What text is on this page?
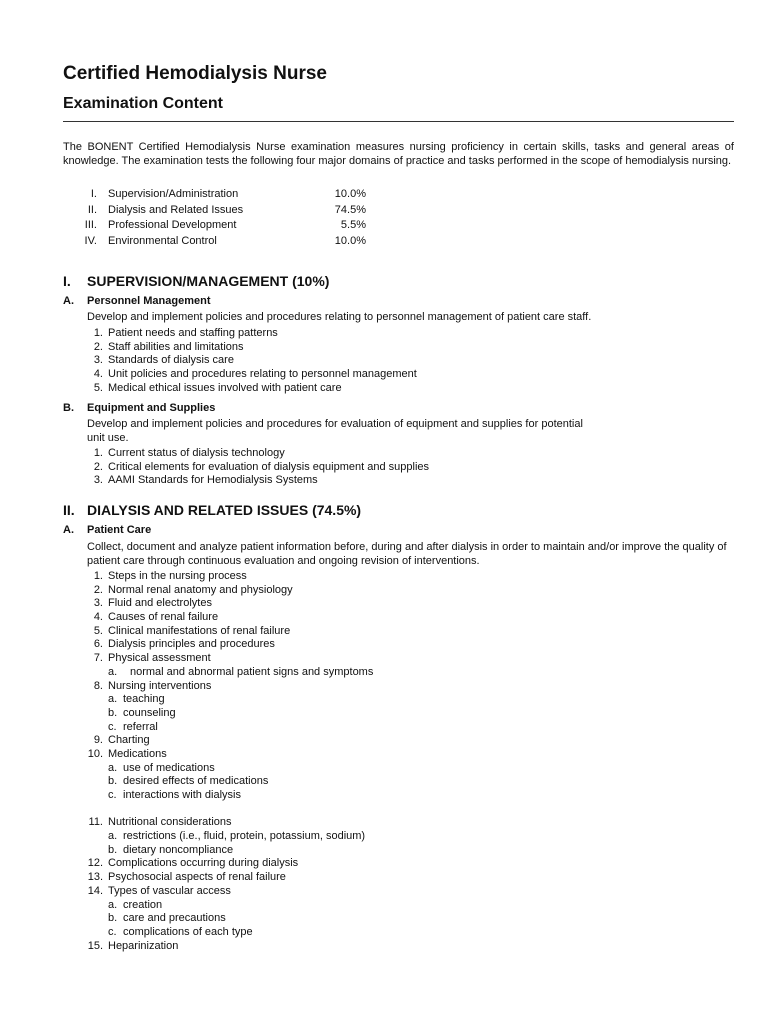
Certified Hemodialysis Nurse
Examination Content

The BONENT Certified Hemodialysis Nurse examination measures nursing proficiency in certain skills, tasks and general areas of knowledge. The examination tests the following four major domains of practice and tasks performed in the scope of hemodialysis nursing.

I. Supervision/Administration	10.0%
II. Dialysis and Related Issues	74.5%
III. Professional Development	5.5%
IV. Environmental Control	10.0%
I. SUPERVISION/MANAGEMENT (10%)
A. Personnel Management

Develop and implement policies and procedures relating to personnel management of patient care staff.

1. Patient needs and staffing patterns
2. Staff abilities and limitations
3. Standards of dialysis care
4. Unit policies and procedures relating to personnel management
5. Medical ethical issues involved with patient care
B. Equipment and Supplies

Develop and implement policies and procedures for evaluation of equipment and supplies for potential
unit use.

1. Current status of dialysis technology
2. Critical elements for evaluation of dialysis equipment and supplies
3. AAMI Standards for Hemodialysis Systems
II. DIALYSIS AND RELATED ISSUES (74.5%)
A. Patient Care

Collect, document and analyze patient information before, during and after dialysis in order to maintain and/or improve the quality of patient care through continuous evaluation and ongoing revision of interventions.

1. Steps in the nursing process
2. Normal renal anatomy and physiology
3. Fluid and electrolytes
4. Causes of renal failure
5. Clinical manifestations of renal failure
6. Dialysis principles and procedures
7. Physical assessment
a. normal and abnormal patient signs and symptoms
8. Nursing interventions
a. teaching
b. counseling
c. referral
9. Charting
10. Medications
a. use of medications
b. desired effects of medications
c. interactions with dialysis
11. Nutritional considerations
a. restrictions (i.e., fluid, protein, potassium, sodium)
b. dietary noncompliance
12. Complications occurring during dialysis
13. Psychosocial aspects of renal failure
14. Types of vascular access
a. creation
b. care and precautions
c. complications of each type
15. Heparinization
